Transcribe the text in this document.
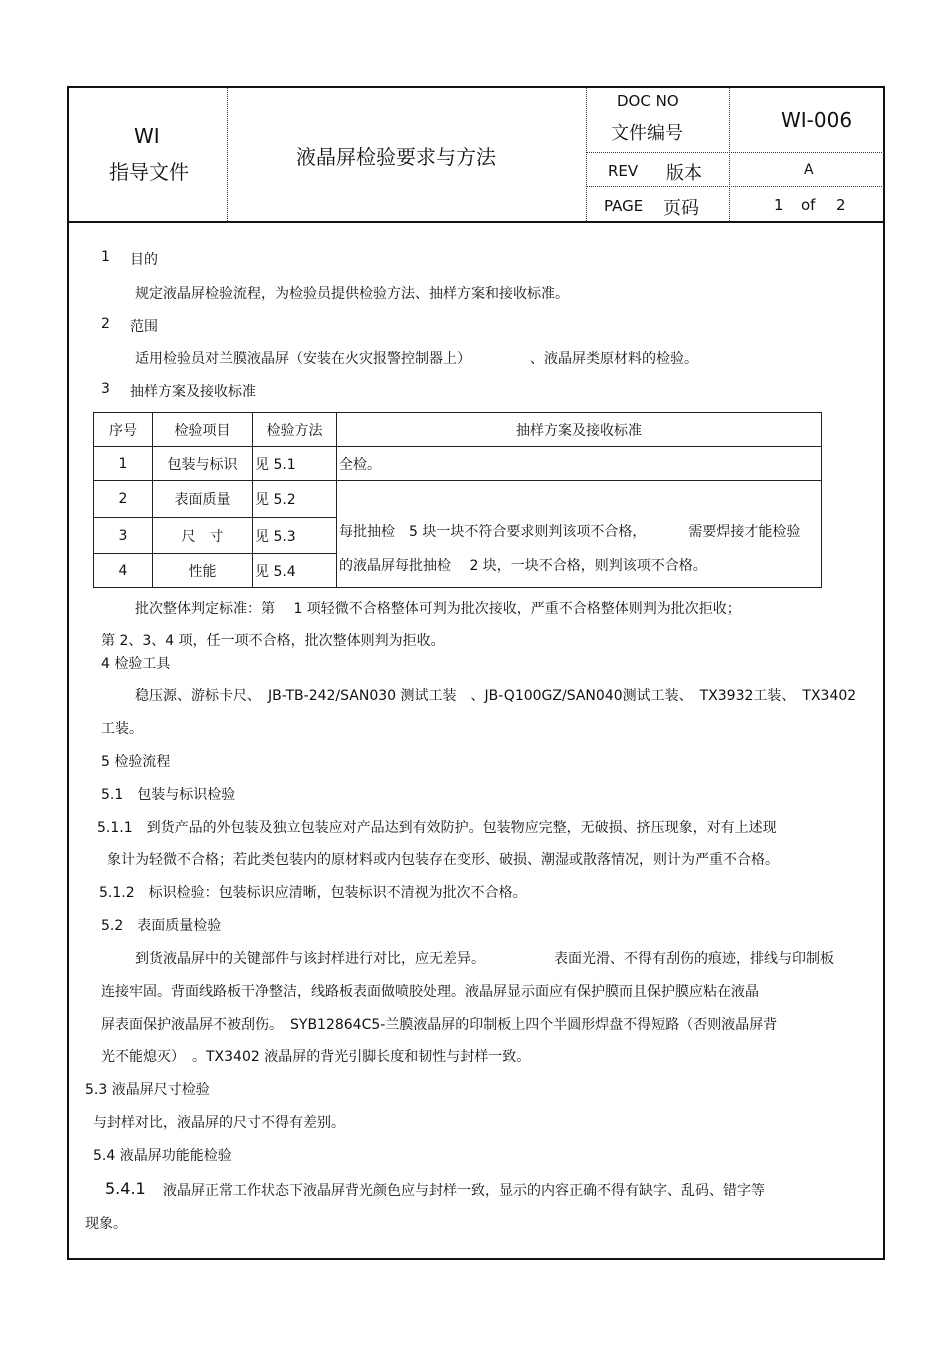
WI
指导文件
液晶屏检验要求与方法
DOC NO
文件编号
WI-006
REV 版本	A
PAGE 页码	1 of 2
1 目的
规定液晶屏检验流程，为检验员提供检验方法、抽样方案和接收标准。
2 范围
适用检验员对兰膜液晶屏（安装在火灾报警控制器上）	、液晶屏类原材料的检验。
3 抽样方案及接收标准
序号	检验项目	检验方法	抽样方案及接收标准
1	包装与标识	见 5.1	全检。
2	表面质量	见 5.2	每批抽检　5 块一块不符合要求则判该项不合格， 需要焊接才能检验
的液晶屏每批抽检　 2 块，一块不合格，则判该项不合格。

3	尺　寸	见 5.3	
4	性能	见 5.4	
批次整体判定标准：第　 1 项轻微不合格整体可判为批次接收，严重不合格整体则判为批次拒收；
第 2、3、4 项，任一项不合格，批次整体则判为拒收。
4 检验工具
稳压源、游标卡尺、　JB-TB-242/SAN030 测试工装　、JB-Q100GZ/SAN040测试工装、　TX3932工装、　TX3402
工装。
5 检验流程
5.1　包装与标识检验
5.1.1　到货产品的外包装及独立包装应对产品达到有效防护。包装物应完整，无破损、挤压现象，对有上述现
象计为轻微不合格；若此类包装内的原材料或内包装存在变形、破损、潮湿或散落情况，则计为严重不合格。
5.1.2　标识检验：包装标识应清晰，包装标识不清视为批次不合格。
5.2　表面质量检验
到货液晶屏中的关键部件与该封样进行对比，应无差异。	表面光滑、不得有刮伤的痕迹，排线与印制板
连接牢固。背面线路板干净整洁，线路板表面做喷胶处理。液晶屏显示面应有保护膜而且保护膜应粘在液晶
屏表面保护液晶屏不被刮伤。　SYB12864C5-兰膜液晶屏的印制板上四个半圆形焊盘不得短路（否则液晶屏背
光不能熄灭）　。TX3402 液晶屏的背光引脚长度和韧性与封样一致。
5.3 液晶屏尺寸检验
与封样对比，液晶屏的尺寸不得有差别。
5.4 液晶屏功能能检验
5.4.1 液晶屏正常工作状态下液晶屏背光颜色应与封样一致，显示的内容正确不得有缺字、乱码、错字等
现象。
